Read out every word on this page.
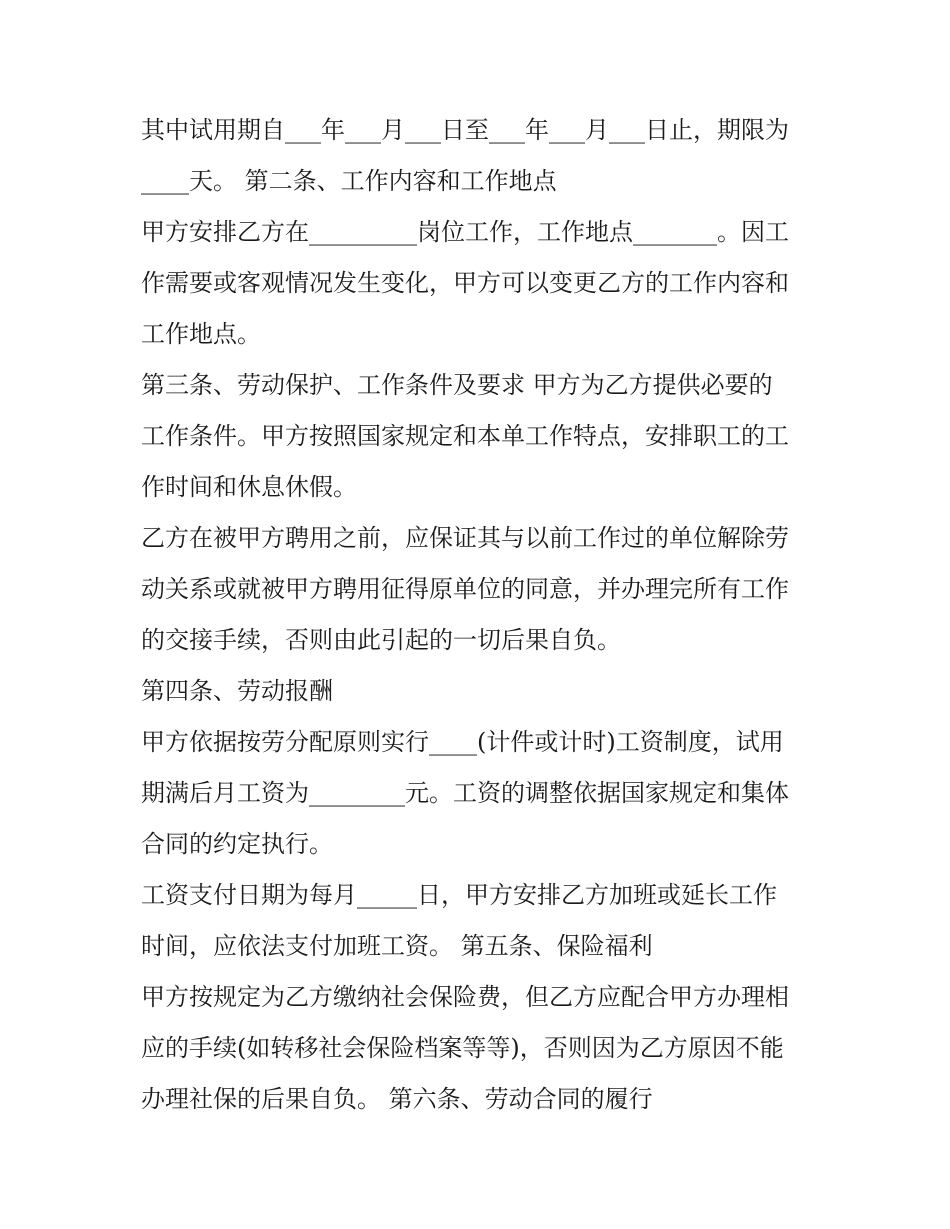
其中试用期自___年___月___日至___年___月___日止，期限为
____天。 第二条、工作内容和工作地点
甲方安排乙方在_________岗位工作，工作地点_______。因工
作需要或客观情况发生变化，甲方可以变更乙方的工作内容和
工作地点。
第三条、劳动保护、工作条件及要求 甲方为乙方提供必要的
工作条件。甲方按照国家规定和本单工作特点，安排职工的工
作时间和休息休假。
乙方在被甲方聘用之前，应保证其与以前工作过的单位解除劳
动关系或就被甲方聘用征得原单位的同意，并办理完所有工作
的交接手续，否则由此引起的一切后果自负。
第四条、劳动报酬
甲方依据按劳分配原则实行____(计件或计时)工资制度，试用
期满后月工资为________元。工资的调整依据国家规定和集体
合同的约定执行。
工资支付日期为每月_____日，甲方安排乙方加班或延长工作
时间，应依法支付加班工资。 第五条、保险福利
甲方按规定为乙方缴纳社会保险费，但乙方应配合甲方办理相
应的手续(如转移社会保险档案等等)，否则因为乙方原因不能
办理社保的后果自负。 第六条、劳动合同的履行
